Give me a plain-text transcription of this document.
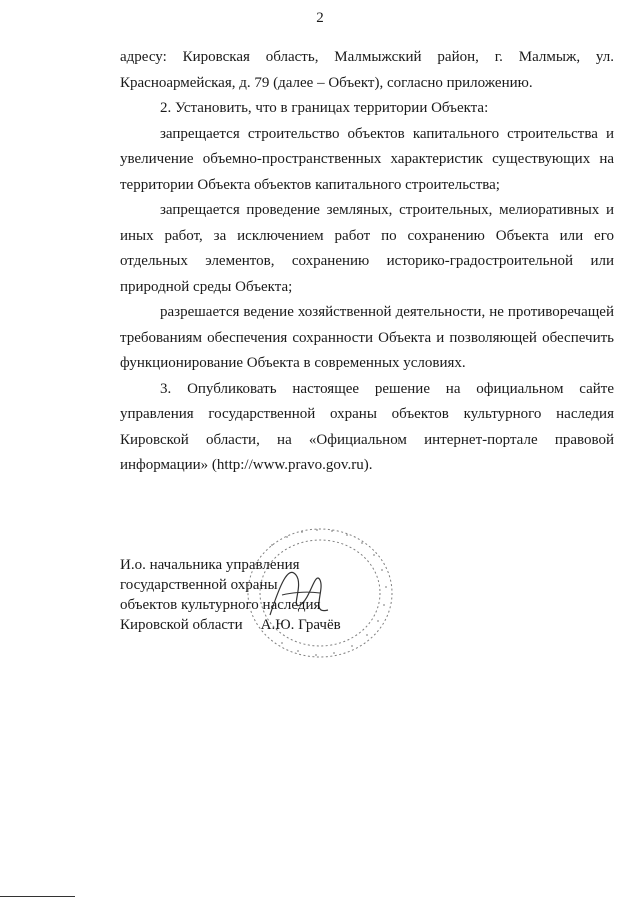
2

адресу: Кировская область, Малмыжский район, г. Малмыж, ул. Красноармейская, д. 79 (далее – Объект), согласно приложению.

2. Установить, что в границах территории Объекта:

запрещается строительство объектов капитального строительства и увеличение объемно-пространственных характеристик существующих на территории Объекта объектов капитального строительства;

запрещается проведение земляных, строительных, мелиоративных и иных работ, за исключением работ по сохранению Объекта или его отдельных элементов, сохранению историко-градостроительной или природной среды Объекта;

разрешается ведение хозяйственной деятельности, не противоречащей требованиям обеспечения сохранности Объекта и позволяющей обеспечить функционирование Объекта в современных условиях.

3. Опубликовать настоящее решение на официальном сайте управления государственной охраны объектов культурного наследия Кировской области, на «Официальном интернет-портале правовой информации» (http://www.pravo.gov.ru).

И.о. начальника управления
государственной охраны
объектов культурного наследия
Кировской области А.Ю. Грачёв
